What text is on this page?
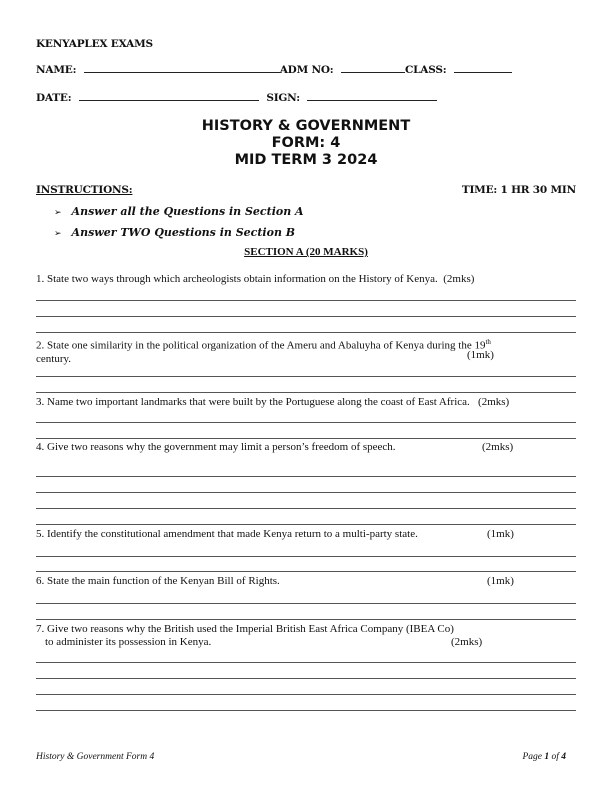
KENYAPLEX EXAMS
NAME:	ADM NO:	CLASS:
DATE:	SIGN:
HISTORY & GOVERNMENT
FORM: 4
MID TERM 3 2024
INSTRUCTIONS:	TIME: 1 HR 30 MIN
➢ Answer all the Questions in Section A
➢ Answer TWO Questions in Section B
SECTION A (20 MARKS)
1. State two ways through which archeologists obtain information on the History of Kenya. (2mks)
2. State one similarity in the political organization of the Ameru and Abaluyha of Kenya during the 19th
century.	(1mk)
3. Name two important landmarks that were built by the Portuguese along the coast of East Africa. (2mks)
4. Give two reasons why the government may limit a person’s freedom of speech.	(2mks)
5. Identify the constitutional amendment that made Kenya return to a multi-party state.	(1mk)
6. State the main function of the Kenyan Bill of Rights.	(1mk)
7. Give two reasons why the British used the Imperial British East Africa Company (IBEA Co)
to administer its possession in Kenya.	(2mks)
History & Government Form 4	Page 1 of 4
